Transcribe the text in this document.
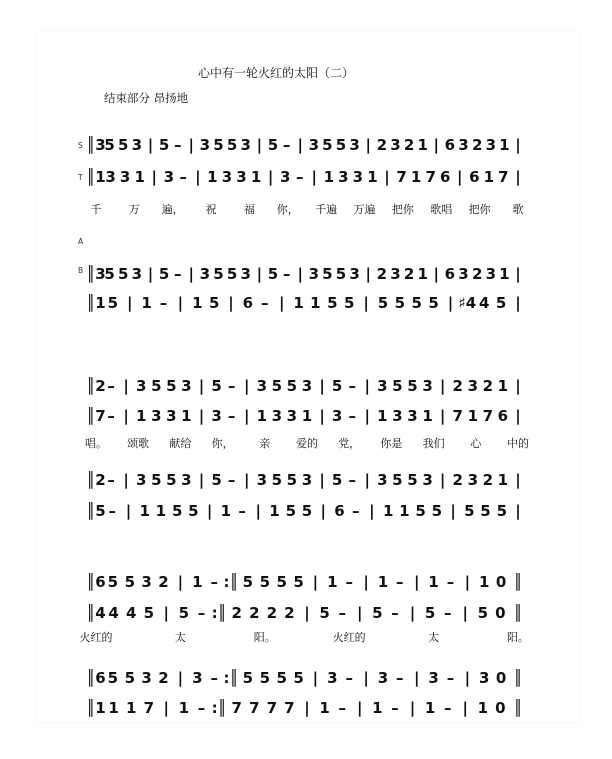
心中有一轮火红的太阳（二）
结束部分 昂扬地
S
T
A
B
║3
5 5 3 | 5 – | 3 5 5 3 | 5 – | 3 5 5 3 | 2 3 2 1 | 6 3 2 3 1 |
║1 3 3 1 | 3 – | 1 3 3 1 | 3 – | 1 3 3 1 | 7 1 7 6 | 6 1 7 |
║3
5 5 3 | 5 – | 3 5 5 3 | 5 – | 3 5 5 3 | 2 3 2 1 | 6 3 2 3 1 |
║1 5 | 1 – | 1 5 | 6 – | 1 1 5 5 | 5 5 5 5 | ♯4 4 5 |
千 万 遍， 祝 福 你， 千遍 万遍 把你 歌唱 把你 歌
║2 – | 3 5 5 3 | 5 – | 3 5 5 3 | 5 – | 3 5 5 3 | 2 3 2 1 |
║7 – | 1 3 3 1 | 3 – | 1 3 3 1 | 3 – | 1 3 3 1 | 7 1 7 6 |
║2 – | 3 5 5 3 | 5 – | 3 5 5 3 | 5 – | 3 5 5 3 | 2 3 2 1 |
║5 – | 1 1 5 5 | 1 – | 1 5 5 | 6 – | 1 1 5 5 | 5 5 5 |
唱。 颂歌 献给 你， 亲 爱的 党， 你是 我们 心 中的
║6 5 5 3 2 | 1 – :║ 5 5 5 5 | 1 – | 1 – | 1 – | 1 0 ║
║4 4 4 5 | 5 – :║ 2 2 2 2 | 5 – | 5 – | 5 – | 5 0 ║
║6 5 5 3 2 | 3 – :║ 5 5 5 5 | 3 – | 3 – | 3 – | 3 0 ║
║1 1 1 7 | 1 – :║ 7 7 7 7 | 1 – | 1 – | 1 – | 1 0 ║
火红的	太	阳。	火红的	太	阳。
